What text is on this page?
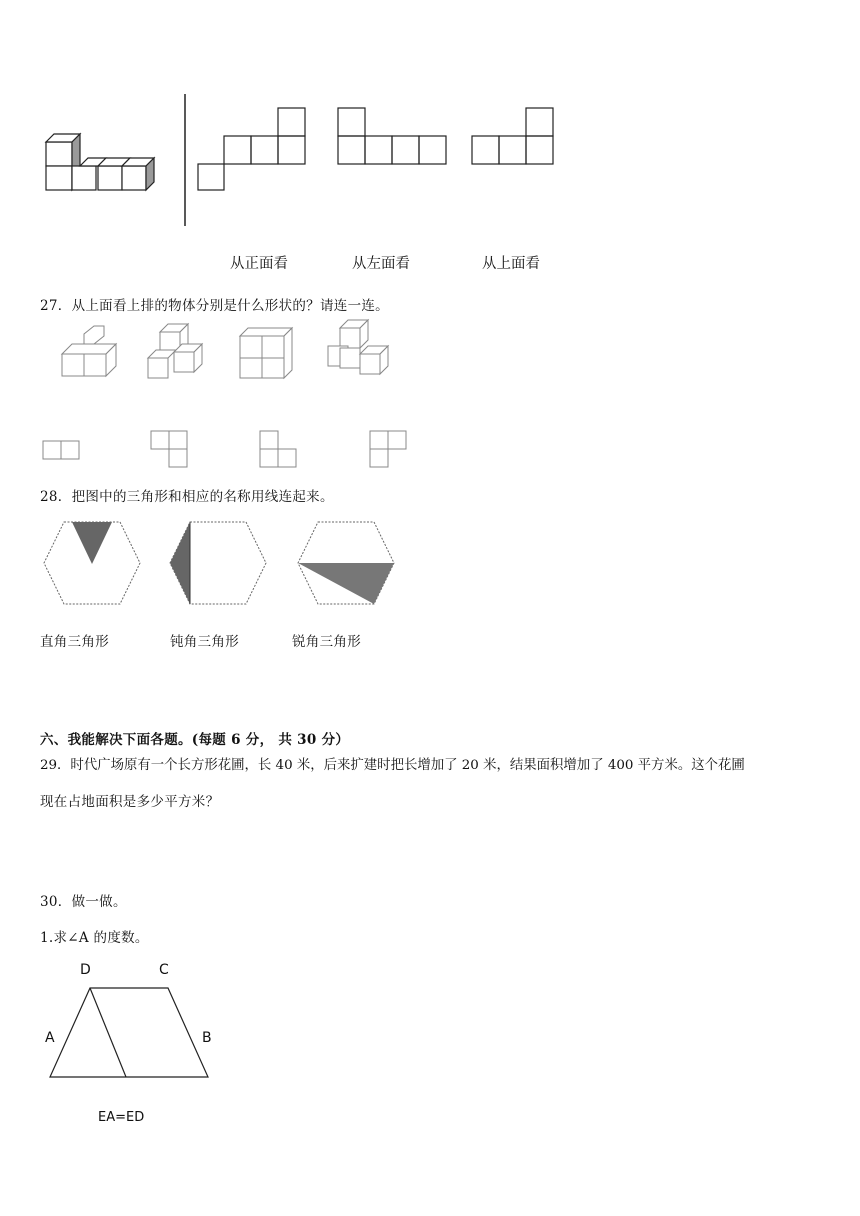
从正面看	从左面看	从上面看
27．从上面看上排的物体分别是什么形状的？请连一连。
28．把图中的三角形和相应的名称用线连起来。
直角三角形	钝角三角形	锐角三角形
六、我能解决下面各题。(每题 6 分， 共 30 分）
29．时代广场原有一个长方形花圃，长 40 米，后来扩建时把长增加了 20 米，结果面积增加了 400 平方米。这个花圃
现在占地面积是多少平方米？
30．做一做。
1.求∠A 的度数。
D	C
A	B
EA=ED
